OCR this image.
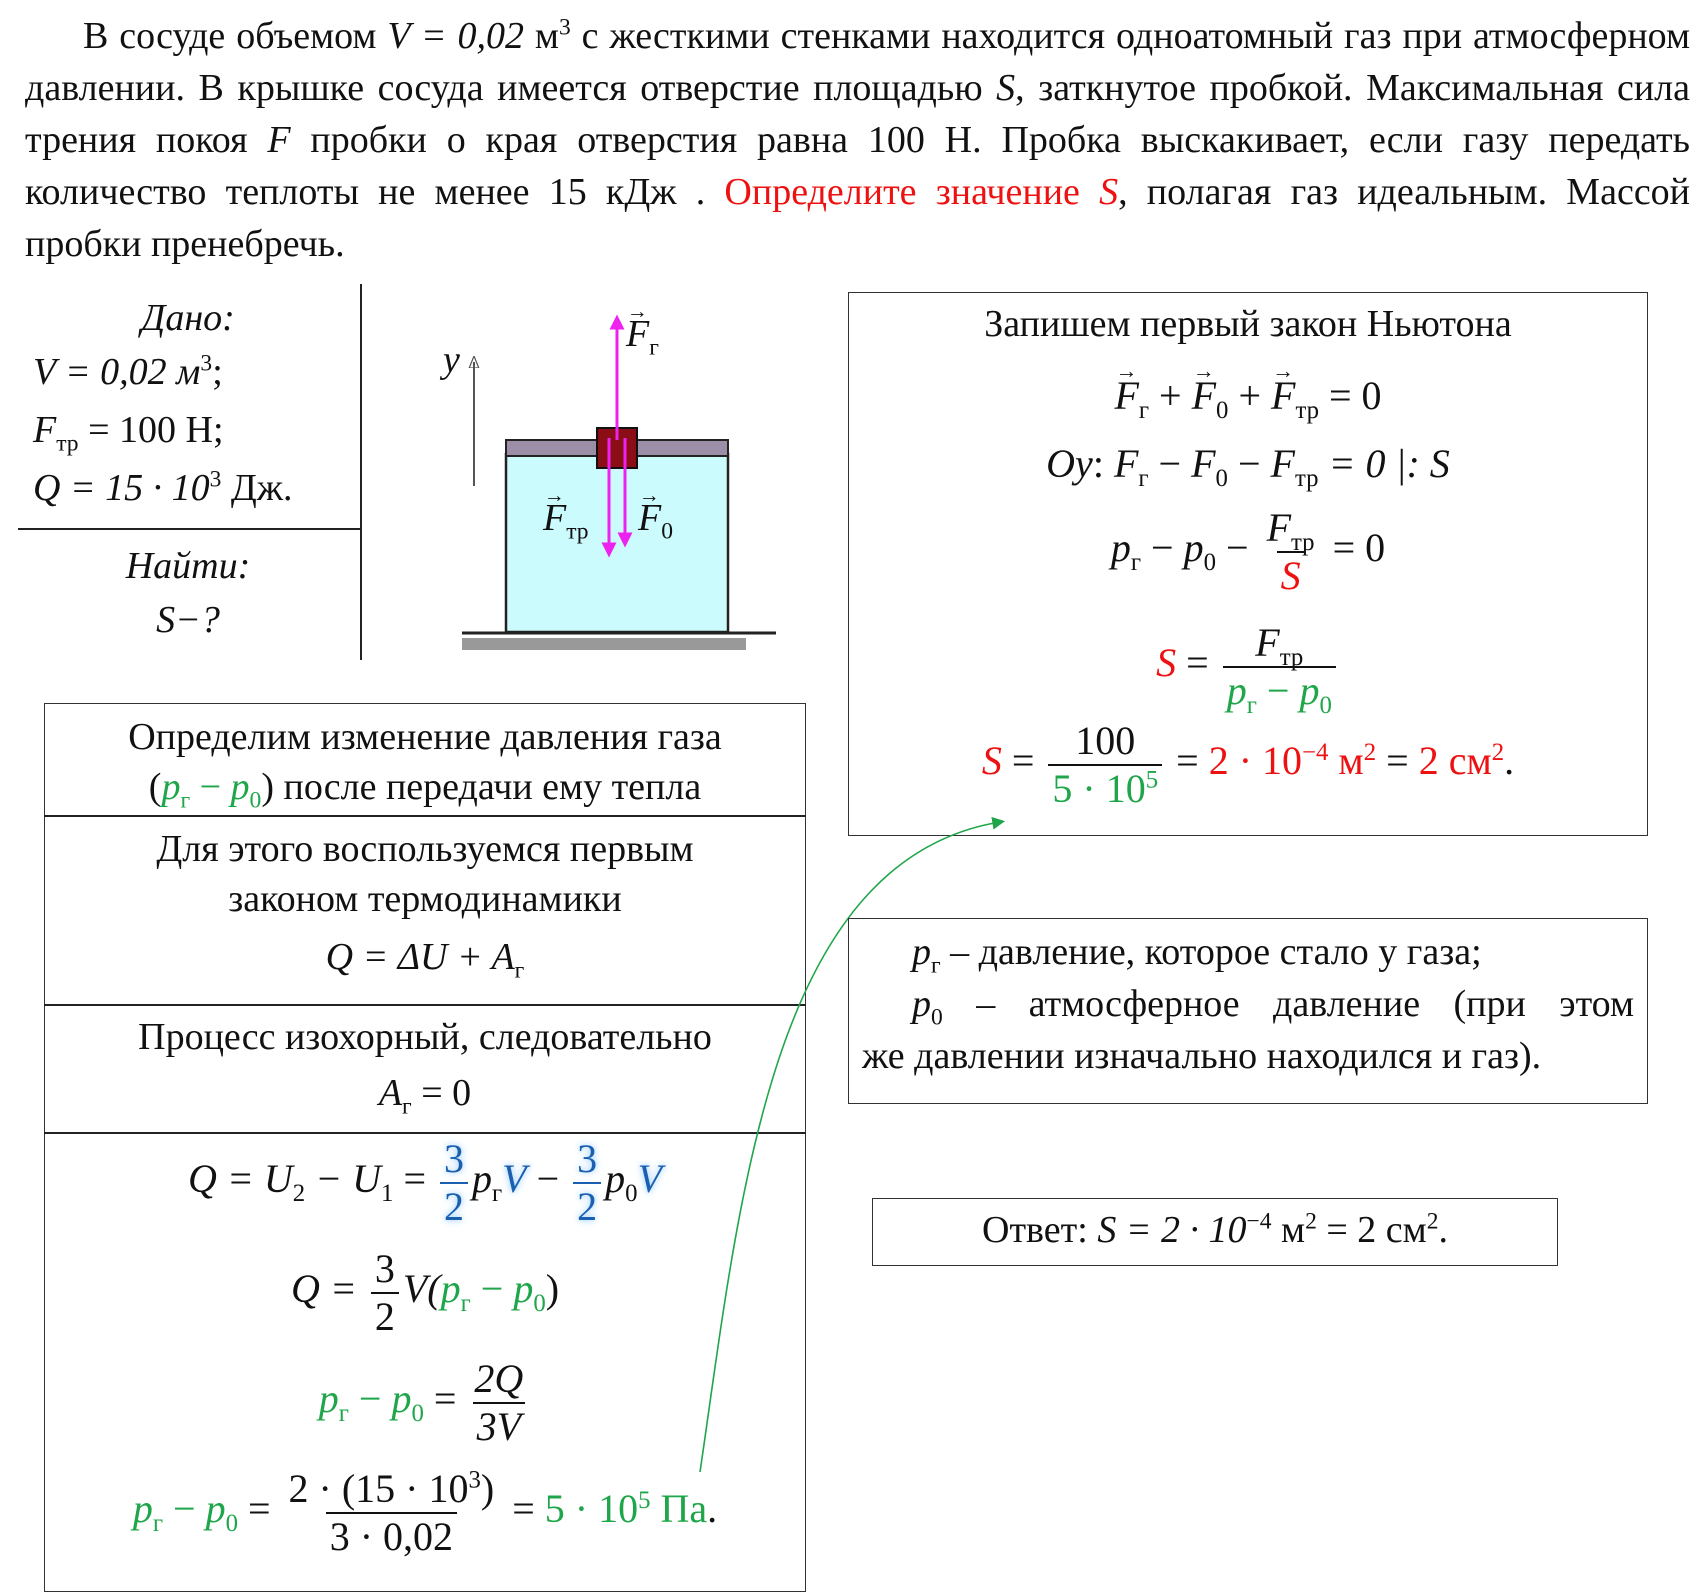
В сосуде объемом V = 0,02 $м^3$ с жесткими стенками находится одноатомный газ при атмосферном давлении. В крышке сосуда имеется отверстие площадью S, заткнутое пробкой. Максимальная сила трения покоя F пробки о края отверстия равна 100 Н. Пробка выскакивает, если газу передать количество теплоты не менее 15 кДж . Определите значение S, полагая газ идеальным. Массой пробки пренебречь.
Дано:
V = 0,02 $м^3$;
$F_{тр} = 100$ Н;
$Q = 15 \cdot 10^3$ Дж.
Найти:
S−?
y
→ $F_г$
→ $F_{тр}$
→ $F_0$
Определим изменение давления газа
$(p_г - p_0)$ после передачи ему тепла
Для этого воспользуемся первым
законом термодинамики
$Q = \Delta U + A_г$
Процесс изохорный, следовательно
$A_г = 0$
$Q = U_2 - U_1 = \frac{3}{2} p_гV - \frac{3}{2} p_0V$
$Q = \frac{3}{2} V(p_г - p_0)$
$p_г - p_0 = \frac{2Q}{3V}$
$p_г - p_0 = \frac{2 \cdot (15 \cdot 10^3)}{3 \cdot 0,02} = 5 \cdot 10^5$ Па.
Запишем первый закон Ньютона
→ $F_г$ + → $F_0$ + → $F_{тр} = 0$
Oy: $F_г - F_0 - F_{тр} = 0$ |: S
$p_г - p_0 - \frac{F_{тр}}{S} = 0$
$S = \frac{F_{тр}}{p_г - p_0}$
$S = \frac{100}{5 \cdot 10^5} = 2 \cdot 10^{-4}$ $м^2 = 2$ $см^2$.
$p_г$ – давление, которое стало у газа;
$p_0$ – атмосферное давление (при этом
же давлении изначально находился и газ).
Ответ: $S = 2 \cdot 10^{-4}$ $м^2 = 2$ $см^2$.
